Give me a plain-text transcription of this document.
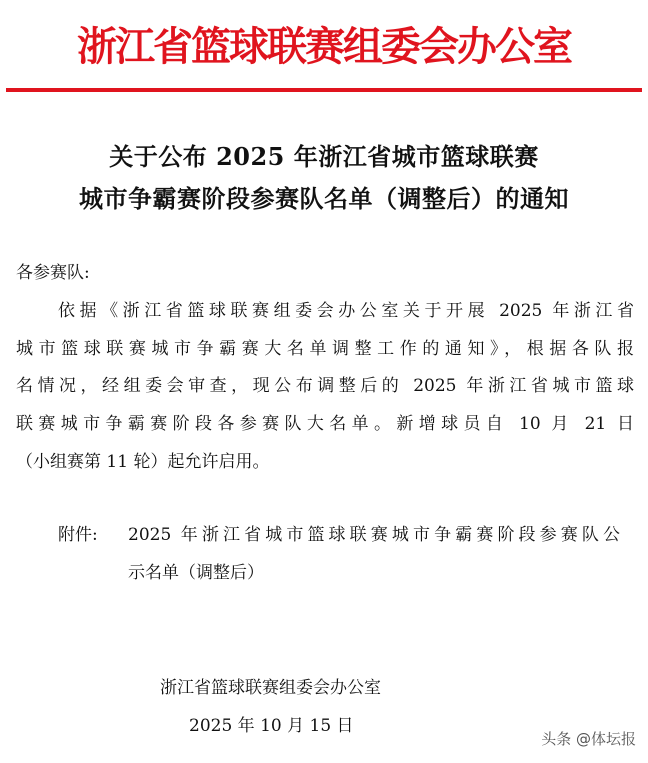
浙江省篮球联赛组委会办公室
关于公布 2025 年浙江省城市篮球联赛
城市争霸赛阶段参赛队名单（调整后）的通知
各参赛队:
依据《浙江省篮球联赛组委会办公室关于开展 2025 年浙江省
城市篮球联赛城市争霸赛大名单调整工作的通知》，根据各队报
名情况，经组委会审查，现公布调整后的 2025 年浙江省城市篮球
联赛城市争霸赛阶段各参赛队大名单。新增球员自 10 月 21 日
（小组赛第 11 轮）起允许启用。
附件: 2025 年浙江省城市篮球联赛城市争霸赛阶段参赛队公
示名单（调整后）
浙江省篮球联赛组委会办公室
2025 年 10 月 15 日
头条 @体坛报
